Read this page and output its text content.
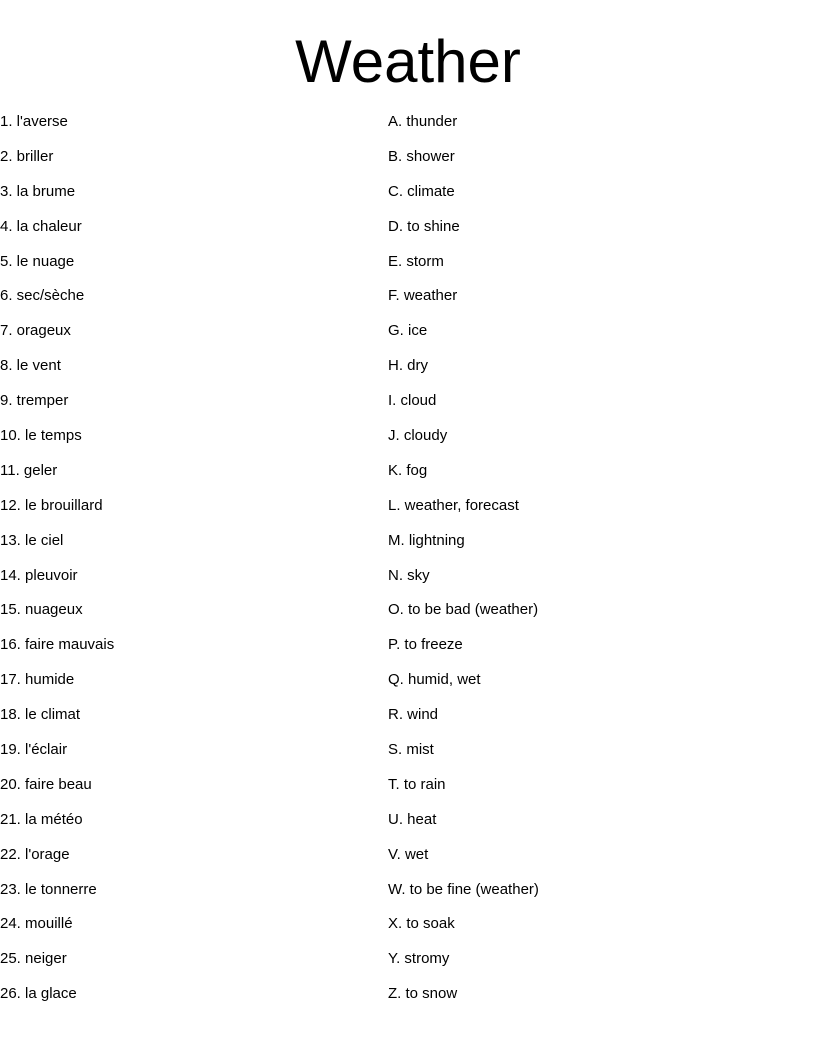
Weather
1. l'averse
2. briller
3. la brume
4. la chaleur
5. le nuage
6. sec/sèche
7. orageux
8. le vent
9. tremper
10. le temps
11. geler
12. le brouillard
13. le ciel
14. pleuvoir
15. nuageux
16. faire mauvais
17. humide
18. le climat
19. l'éclair
20. faire beau
21. la météo
22. l'orage
23. le tonnerre
24. mouillé
25. neiger
26. la glace
A. thunder
B. shower
C. climate
D. to shine
E. storm
F. weather
G. ice
H. dry
I. cloud
J. cloudy
K. fog
L. weather, forecast
M. lightning
N. sky
O. to be bad (weather)
P. to freeze
Q. humid, wet
R. wind
S. mist
T. to rain
U. heat
V. wet
W. to be fine (weather)
X. to soak
Y. stromy
Z. to snow
